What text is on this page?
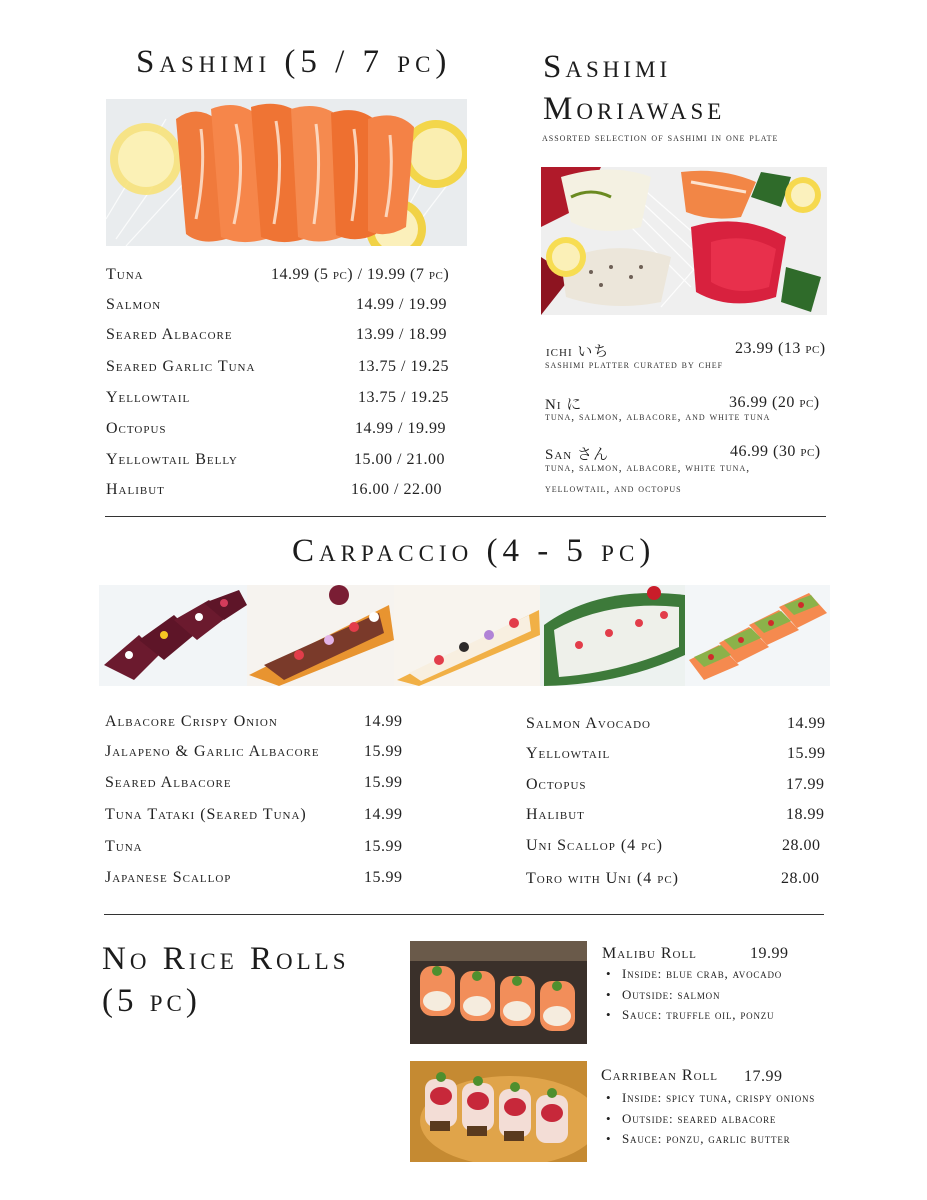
Sashimi (5 / 7 pc)
Tuna	14.99 (5 pc) / 19.99 (7 pc)
Salmon	14.99 / 19.99
Seared Albacore	13.99 / 18.99
Seared Garlic Tuna	13.75 / 19.25
Yellowtail	13.75 / 19.25
Octopus	14.99 / 19.99
Yellowtail Belly	15.00 / 21.00
Halibut	16.00 / 22.00
Sashimi
Moriawase
assorted selection of sashimi in one plate
ichi いち	23.99 (13 pc)
sashimi platter curated by chef
Ni に	36.99 (20 pc)
tuna, salmon, albacore, and white tuna
San さん	46.99 (30 pc)
tuna, salmon, albacore, white tuna,
yellowtail, and octopus
Carpaccio (4 - 5 pc)
Albacore Crispy Onion	14.99
Jalapeno & Garlic Albacore	15.99
Seared Albacore	15.99
Tuna Tataki (Seared Tuna)	14.99
Tuna	15.99
Japanese Scallop	15.99
Salmon Avocado	14.99
Yellowtail	15.99
Octopus	17.99
Halibut	18.99
Uni Scallop (4 pc)	28.00
Toro with Uni (4 pc)	28.00
No Rice Rolls
(5 pc)
Malibu Roll	19.99
• Inside: blue crab, avocado
• Outside: salmon
• Sauce: truffle oil, ponzu
Carribean Roll 17.99
• Inside: spicy tuna, crispy onions
• Outside: seared albacore
• Sauce: ponzu, garlic butter
